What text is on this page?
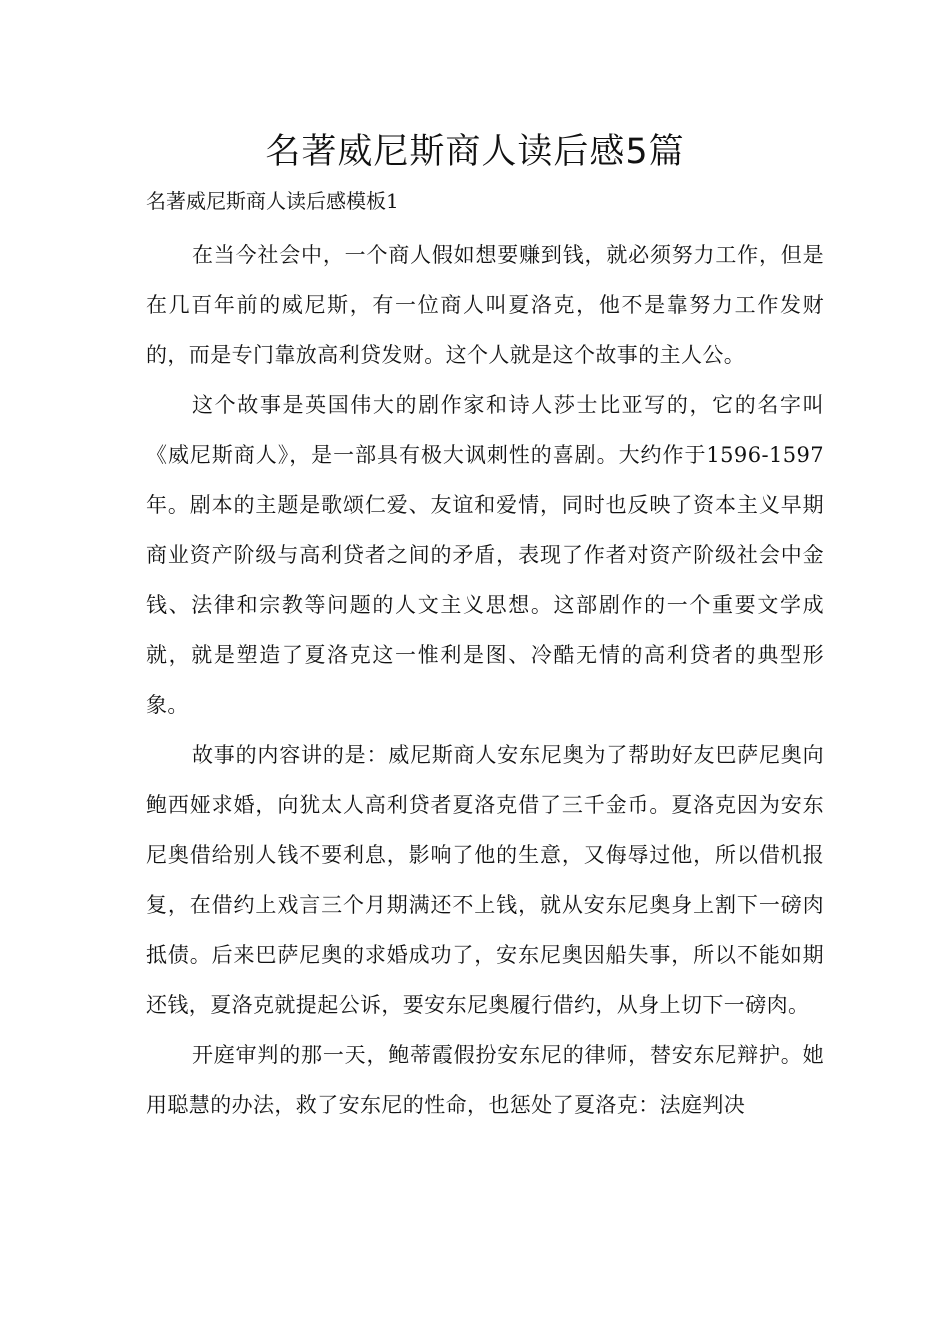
名著威尼斯商人读后感5篇

名著威尼斯商人读后感模板1

在当今社会中，一个商人假如想要赚到钱，就必须努力工作，但是在几百年前的威尼斯，有一位商人叫夏洛克，他不是靠努力工作发财的，而是专门靠放高利贷发财。这个人就是这个故事的主人公。

这个故事是英国伟大的剧作家和诗人莎士比亚写的，它的名字叫《威尼斯商人》，是一部具有极大讽刺性的喜剧。大约作于1596-1597年。剧本的主题是歌颂仁爱、友谊和爱情，同时也反映了资本主义早期商业资产阶级与高利贷者之间的矛盾，表现了作者对资产阶级社会中金钱、法律和宗教等问题的人文主义思想。这部剧作的一个重要文学成就，就是塑造了夏洛克这一惟利是图、冷酷无情的高利贷者的典型形象。

故事的内容讲的是：威尼斯商人安东尼奥为了帮助好友巴萨尼奥向鲍西娅求婚，向犹太人高利贷者夏洛克借了三千金币。夏洛克因为安东尼奥借给别人钱不要利息，影响了他的生意，又侮辱过他，所以借机报复，在借约上戏言三个月期满还不上钱，就从安东尼奥身上割下一磅肉抵债。后来巴萨尼奥的求婚成功了，安东尼奥因船失事，所以不能如期还钱，夏洛克就提起公诉，要安东尼奥履行借约，从身上切下一磅肉。

开庭审判的那一天，鲍蒂霞假扮安东尼的律师，替安东尼辩护。她用聪慧的办法，救了安东尼的性命，也惩处了夏洛克：法庭判决
